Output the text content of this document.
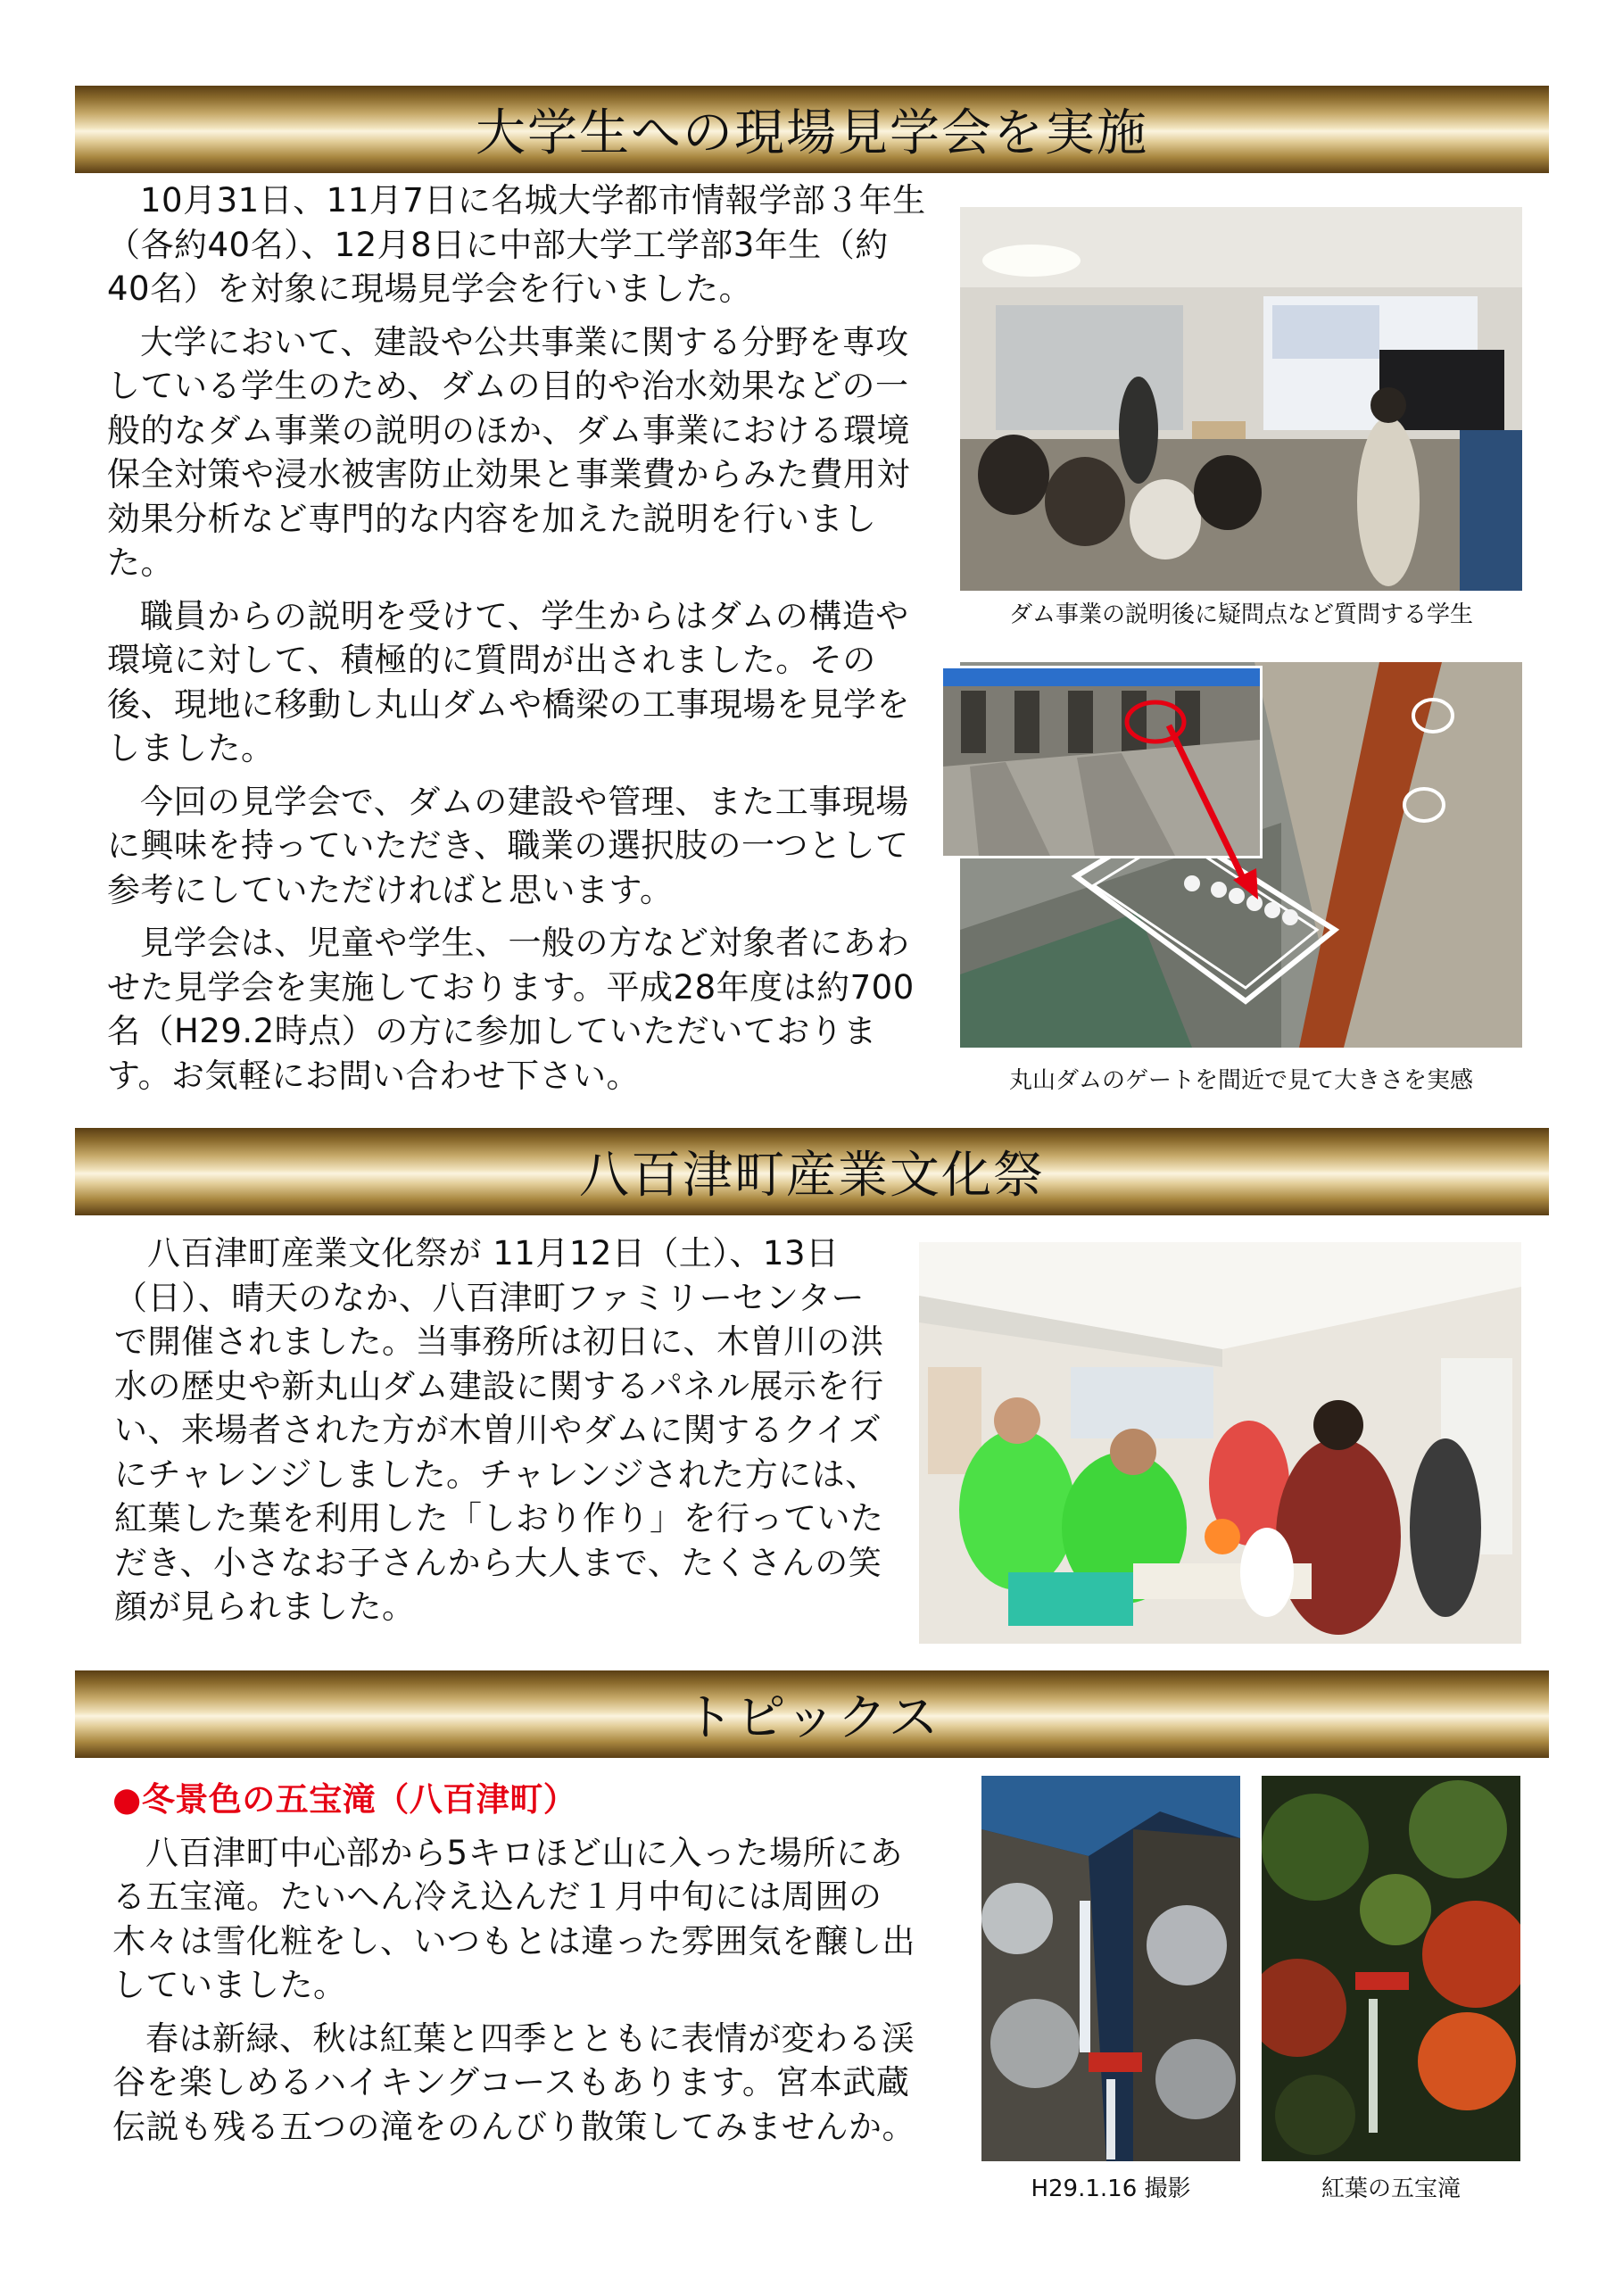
大学生への現場見学会を実施

10月31日、11月7日に名城大学都市情報学部３年生（各約40名）、12月8日に中部大学工学部3年生（約40名）を対象に現場見学会を行いました。

大学において、建設や公共事業に関する分野を専攻している学生のため、ダムの目的や治水効果などの一般的なダム事業の説明のほか、ダム事業における環境保全対策や浸水被害防止効果と事業費からみた費用対効果分析など専門的な内容を加えた説明を行いました。

職員からの説明を受けて、学生からはダムの構造や環境に対して、積極的に質問が出されました。その後、現地に移動し丸山ダムや橋梁の工事現場を見学をしました。

今回の見学会で、ダムの建設や管理、また工事現場に興味を持っていただき、職業の選択肢の一つとして参考にしていただければと思います。

見学会は、児童や学生、一般の方など対象者にあわせた見学会を実施しております。平成28年度は約700名（H29.2時点）の方に参加していただいております。お気軽にお問い合わせ下さい。

ダム事業の説明後に疑問点など質問する学生
丸山ダムのゲートを間近で見て大きさを実感
八百津町産業文化祭

八百津町産業文化祭が 11月12日（土）、13日（日）、晴天のなか、八百津町ファミリーセンターで開催されました。当事務所は初日に、木曽川の洪水の歴史や新丸山ダム建設に関するパネル展示を行い、来場者された方が木曽川やダムに関するクイズにチャレンジしました。チャレンジされた方には、紅葉した葉を利用した「しおり作り」を行っていただき、小さなお子さんから大人まで、たくさんの笑顔が見られました。

トピックス

●冬景色の五宝滝（八百津町）

八百津町中心部から5キロほど山に入った場所にある五宝滝。たいへん冷え込んだ１月中旬には周囲の木々は雪化粧をし、いつもとは違った雰囲気を醸し出していました。

春は新緑、秋は紅葉と四季とともに表情が変わる渓谷を楽しめるハイキングコースもあります。宮本武蔵伝説も残る五つの滝をのんびり散策してみませんか。

H29.1.16 撮影	紅葉の五宝滝
